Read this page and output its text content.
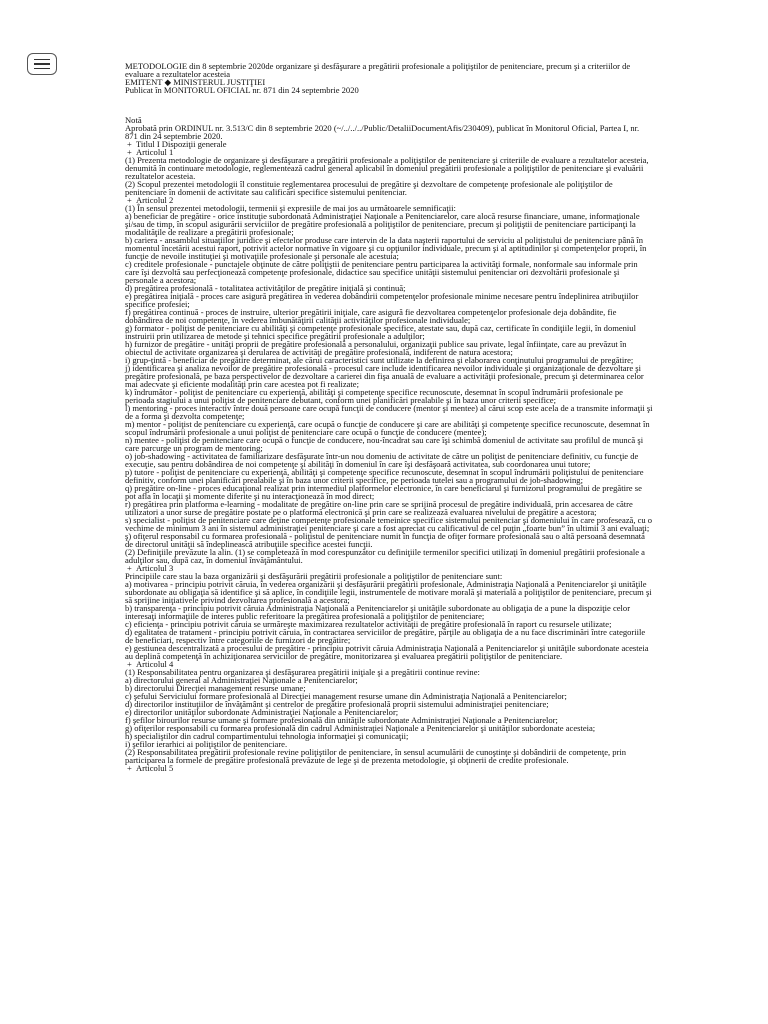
METODOLOGIE din 8 septembrie 2020de organizare şi desfăşurare a pregătirii profesionale a poliţiştilor de penitenciare, precum şi a criteriilor de evaluare a rezultatelor acesteia

EMITENT ◆ MINISTERUL JUSTIŢIEI

Publicat în MONITORUL OFICIAL nr. 871 din 24 septembrie 2020

Notă

Aprobată prin ORDINUL nr. 3.513/C din 8 septembrie 2020 (~/../../../Public/DetaliiDocumentAfis/230409), publicat în Monitorul Oficial, Partea I, nr. 871 din 24 septembrie 2020.

+ Titlul I Dispoziţii generale

+ Articolul 1

(1) Prezenta metodologie de organizare şi desfăşurare a pregătirii profesionale a poliţiştilor de penitenciare şi criteriile de evaluare a rezultatelor acesteia, denumită în continuare metodologie, reglementează cadrul general aplicabil în domeniul pregătirii profesionale a poliţiştilor de penitenciare şi evaluării rezultatelor acesteia.

(2) Scopul prezentei metodologii îl constituie reglementarea procesului de pregătire şi dezvoltare de competenţe profesionale ale poliţiştilor de penitenciare în domenii de activitate sau calificări specifice sistemului penitenciar.

+ Articolul 2

(1) În sensul prezentei metodologii, termenii şi expresiile de mai jos au următoarele semnificaţii:

a) beneficiar de pregătire - orice instituţie subordonată Administraţiei Naţionale a Penitenciarelor, care alocă resurse financiare, umane, informaţionale şi/sau de timp, în scopul asigurării serviciilor de pregătire profesională a poliţiştilor de penitenciare, precum şi poliţiştii de penitenciare participanţi la modalităţile de realizare a pregătirii profesionale;

b) cariera - ansamblul situaţiilor juridice şi efectelor produse care intervin de la data naşterii raportului de serviciu al poliţistului de penitenciare până în momentul încetării acestui raport, potrivit actelor normative în vigoare şi cu opţiunilor individuale, precum şi al aptitudinilor şi competenţelor proprii, în funcţie de nevoile instituţiei şi motivaţiile profesionale şi personale ale acestuia;

c) creditele profesionale - punctajele obţinute de către poliţiştii de penitenciare pentru participarea la activităţi formale, nonformale sau informale prin care îşi dezvoltă sau perfecţionează competenţe profesionale, didactice sau specifice unităţii sistemului penitenciar ori dezvoltării profesionale şi personale a acestora;

d) pregătirea profesională - totalitatea activităţilor de pregătire iniţială şi continuă;

e) pregătirea iniţială - proces care asigură pregătirea în vederea dobândirii competenţelor profesionale minime necesare pentru îndeplinirea atribuţiilor specifice profesiei;

f) pregătirea continuă - proces de instruire, ulterior pregătirii iniţiale, care asigură fie dezvoltarea competenţelor profesionale deja dobândite, fie dobândirea de noi competenţe, în vederea îmbunătăţirii calităţii activităţilor profesionale individuale;

g) formator - poliţist de penitenciare cu abilităţi şi competenţe profesionale specifice, atestate sau, după caz, certificate în condiţiile legii, în domeniul instruirii prin utilizarea de metode şi tehnici specifice pregătirii profesionale a adulţilor;

h) furnizor de pregătire - unităţi proprii de pregătire profesională a personalului, organizaţii publice sau private, legal înfiinţate, care au prevăzut în obiectul de activitate organizarea şi derularea de activităţi de pregătire profesională, indiferent de natura acestora;

i) grup-ţintă - beneficiar de pregătire determinat, ale cărui caracteristici sunt utilizate la definirea şi elaborarea conţinutului programului de pregătire;

j) identificarea şi analiza nevoilor de pregătire profesională - procesul care include identificarea nevoilor individuale şi organizaţionale de dezvoltare şi pregătire profesională, pe baza perspectivelor de dezvoltare a carierei din fişa anuală de evaluare a activităţii profesionale, precum şi determinarea celor mai adecvate şi eficiente modalităţi prin care acestea pot fi realizate;

k) îndrumător - poliţist de penitenciare cu experienţă, abilităţi şi competenţe specifice recunoscute, desemnat în scopul îndrumării profesionale pe perioada stagiului a unui poliţist de penitenciare debutant, conform unei planificări prealabile şi în baza unor criterii specifice;

l) mentoring - proces interactiv între două persoane care ocupă funcţii de conducere (mentor şi mentee) al cărui scop este acela de a transmite informaţii şi de a forma şi dezvolta competenţe;

m) mentor - poliţist de penitenciare cu experienţă, care ocupă o funcţie de conducere şi care are abilităţi şi competenţe specifice recunoscute, desemnat în scopul îndrumării profesionale a unui poliţist de penitenciare care ocupă o funcţie de conducere (mentee);

n) mentee - poliţist de penitenciare care ocupă o funcţie de conducere, nou-încadrat sau care îşi schimbă domeniul de activitate sau profilul de muncă şi care parcurge un program de mentoring;

o) job-shadowing - activitatea de familiarizare desfăşurate într-un nou domeniu de activitate de către un poliţist de penitenciare definitiv, cu funcţie de execuţie, sau pentru dobândirea de noi competenţe şi abilităţi în domeniul în care îşi desfăşoară activitatea, sub coordonarea unui tutore;

p) tutore - poliţist de penitenciare cu experienţă, abilităţi şi competenţe specifice recunoscute, desemnat în scopul îndrumării poliţistului de penitenciare definitiv, conform unei planificări prealabile şi în baza unor criterii specifice, pe perioada tutelei sau a programului de job-shadowing;

q) pregătire on-line - proces educaţional realizat prin intermediul platformelor electronice, în care beneficiarul şi furnizorul programului de pregătire se pot afla în locaţii şi momente diferite şi nu interacţionează în mod direct;

r) pregătirea prin platforma e-learning - modalitate de pregătire on-line prin care se sprijină procesul de pregătire individuală, prin accesarea de către utilizatori a unor surse de pregătire postate pe o platformă electronică şi prin care se realizează evaluarea nivelului de pregătire a acestora;

s) specialist - poliţist de penitenciare care deţine competenţe profesionale temeinice specifice sistemului penitenciar şi domeniului în care profesează, cu o vechime de minimum 3 ani în sistemul administraţiei penitenciare şi care a fost apreciat cu calificativul de cel puţin „foarte bun” în ultimii 3 ani evaluaţi;

ş) ofiţerul responsabil cu formarea profesională - poliţistul de penitenciare numit în funcţia de ofiţer formare profesională sau o altă persoană desemnată de directorul unităţii să îndeplinească atribuţiile specifice acestei funcţii.

(2) Definiţiile prevăzute la alin. (1) se completează în mod corespunzător cu definiţiile termenilor specifici utilizaţi în domeniul pregătirii profesionale a adulţilor sau, după caz, în domeniul învăţământului.

+ Articolul 3

Principiile care stau la baza organizării şi desfăşurării pregătirii profesionale a poliţiştilor de penitenciare sunt:

a) motivarea - principiu potrivit căruia, în vederea organizării şi desfăşurării pregătirii profesionale, Administraţia Naţională a Penitenciarelor şi unităţile subordonate au obligaţia să identifice şi să aplice, în condiţiile legii, instrumentele de motivare morală şi materială a poliţiştilor de penitenciare, precum şi să sprijine iniţiativele privind dezvoltarea profesională a acestora;

b) transparenţa - principiu potrivit căruia Administraţia Naţională a Penitenciarelor şi unităţile subordonate au obligaţia de a pune la dispoziţie celor interesaţi informaţiile de interes public referitoare la pregătirea profesională a poliţiştilor de penitenciare;

c) eficienţa - principiu potrivit căruia se urmăreşte maximizarea rezultatelor activităţii de pregătire profesională în raport cu resursele utilizate;

d) egalitatea de tratament - principiu potrivit căruia, în contractarea serviciilor de pregătire, părţile au obligaţia de a nu face discriminări între categoriile de beneficiari, respectiv între categoriile de furnizori de pregătire;

e) gestiunea descentralizată a procesului de pregătire - principiu potrivit căruia Administraţia Naţională a Penitenciarelor şi unităţile subordonate acesteia au deplină competenţă în achiziţionarea serviciilor de pregătire, monitorizarea şi evaluarea pregătirii poliţiştilor de penitenciare.

+ Articolul 4

(1) Responsabilitatea pentru organizarea şi desfăşurarea pregătirii iniţiale şi a pregătirii continue revine:

a) directorului general al Administraţiei Naţionale a Penitenciarelor;

b) directorului Direcţiei management resurse umane;

c) şefului Serviciului formare profesională al Direcţiei management resurse umane din Administraţia Naţională a Penitenciarelor;

d) directorilor instituţiilor de învăţământ şi centrelor de pregătire profesională proprii sistemului administraţiei penitenciare;

e) directorilor unităţilor subordonate Administraţiei Naţionale a Penitenciarelor;

f) şefilor birourilor resurse umane şi formare profesională din unităţile subordonate Administraţiei Naţionale a Penitenciarelor;

g) ofiţerilor responsabili cu formarea profesională din cadrul Administraţiei Naţionale a Penitenciarelor şi unităţilor subordonate acesteia;

h) specialiştilor din cadrul compartimentului tehnologia informaţiei şi comunicaţii;

i) şefilor ierarhici ai poliţiştilor de penitenciare.

(2) Responsabilitatea pregătirii profesionale revine poliţiştilor de penitenciare, în sensul acumulării de cunoştinţe şi dobândirii de competenţe, prin participarea la formele de pregătire profesională prevăzute de lege şi de prezenta metodologie, şi obţinerii de credite profesionale.

+ Articolul 5
